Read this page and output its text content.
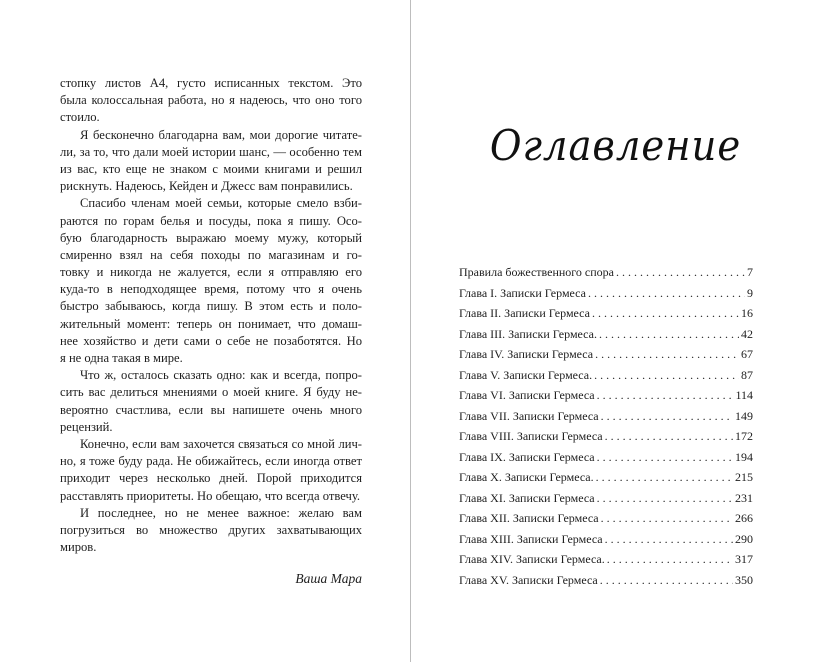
стопку листов А4, густо исписанных текстом. Это
была колоссальная работа, но я надеюсь, что оно того
стоило.
Я бесконечно благодарна вам, мои дорогие читате-
ли, за то, что дали моей истории шанс, — особенно тем
из вас, кто еще не знаком с моими книгами и решил
рискнуть. Надеюсь, Кейден и Джесс вам понравились.
Спасибо членам моей семьи, которые смело взби-
раются по горам белья и посуды, пока я пишу. Осо-
бую благодарность выражаю моему мужу, который
смиренно взял на себя походы по магазинам и го-
товку и никогда не жалуется, если я отправляю его
куда-то в неподходящее время, потому что я очень
быстро забываюсь, когда пишу. В этом есть и поло-
жительный момент: теперь он понимает, что домаш-
нее хозяйство и дети сами о себе не позаботятся. Но
я не одна такая в мире.
Что ж, осталось сказать одно: как и всегда, попро-
сить вас делиться мнениями о моей книге. Я буду не-
вероятно счастлива, если вы напишете очень много
рецензий.
Конечно, если вам захочется связаться со мной лич-
но, я тоже буду рада. Не обижайтесь, если иногда ответ
приходит через несколько дней. Порой приходится
расставлять приоритеты. Но обещаю, что всегда отвечу.
И последнее, но не менее важное: желаю вам
погрузиться во множество других захватывающих
миров.
Ваша Мара
Оглавление
Правила божественного спора . . .	7
Глава I. Записки Гермеса . . .	9
Глава II. Записки Гермеса . . .	16
Глава III. Записки Гермеса. . . .	42
Глава IV. Записки Гермеса . . .	67
Глава V. Записки Гермеса. . . .	87
Глава VI. Записки Гермеса . . .	114
Глава VII. Записки Гермеса . . .	149
Глава VIII. Записки Гермеса . . .	172
Глава IX. Записки Гермеса . . .	194
Глава X. Записки Гермеса. . . .	215
Глава XI. Записки Гермеса . . .	231
Глава XII. Записки Гермеса . . .	266
Глава XIII. Записки Гермеса . . .	290
Глава XIV. Записки Гермеса. . . .	317
Глава XV. Записки Гермеса . . .	350
